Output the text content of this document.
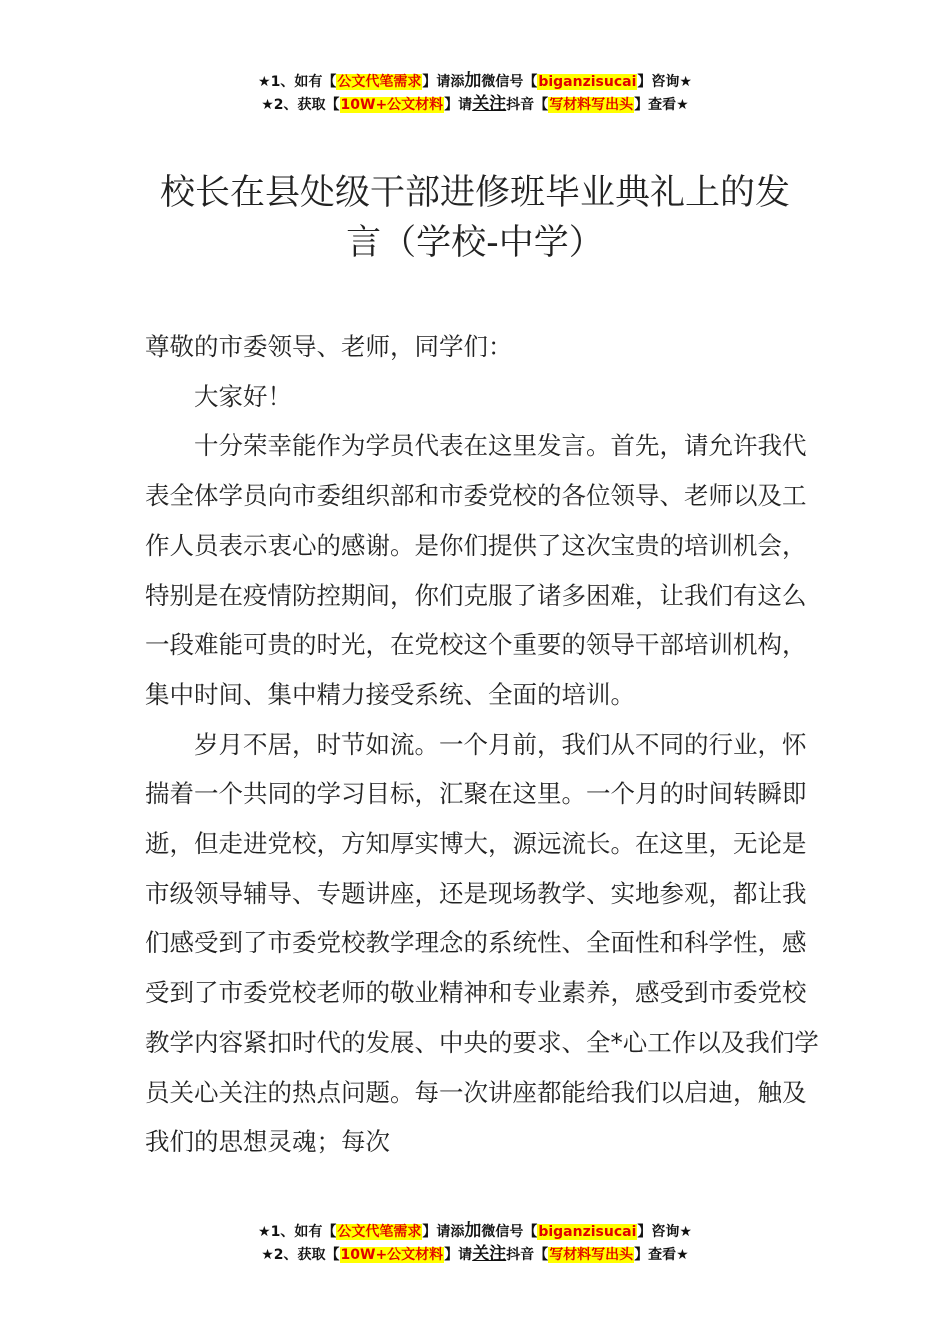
★1、如有【公文代笔需求】请添加微信号【biganzisucai】咨询★
★2、获取【10W+公文材料】请关注抖音【写材料写出头】查看★
校长在县处级干部进修班毕业典礼上的发
言（学校-中学）

尊敬的市委领导、老师，同学们：

大家好！

十分荣幸能作为学员代表在这里发言。首先，请允许我代表全体学员向市委组织部和市委党校的各位领导、老师以及工作人员表示衷心的感谢。是你们提供了这次宝贵的培训机会，特别是在疫情防控期间，你们克服了诸多困难，让我们有这么一段难能可贵的时光，在党校这个重要的领导干部培训机构，集中时间、集中精力接受系统、全面的培训。

岁月不居，时节如流。一个月前，我们从不同的行业，怀揣着一个共同的学习目标，汇聚在这里。一个月的时间转瞬即逝，但走进党校，方知厚实博大，源远流长。在这里，无论是市级领导辅导、专题讲座，还是现场教学、实地参观，都让我们感受到了市委党校教学理念的系统性、全面性和科学性，感受到了市委党校老师的敬业精神和专业素养，感受到市委党校教学内容紧扣时代的发展、中央的要求、全*心工作以及我们学员关心关注的热点问题。每一次讲座都能给我们以启迪，触及我们的思想灵魂；每次

★1、如有【公文代笔需求】请添加微信号【biganzisucai】咨询★
★2、获取【10W+公文材料】请关注抖音【写材料写出头】查看★
